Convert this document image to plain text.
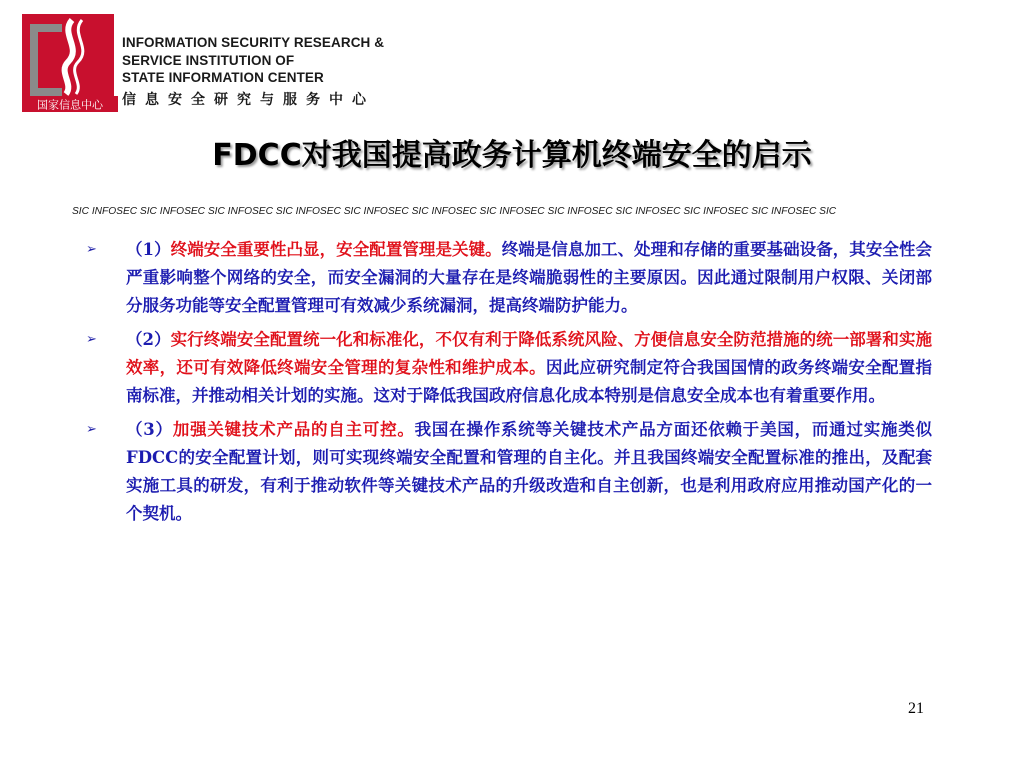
国家信息中心
INFORMATION SECURITY RESEARCH &
SERVICE INSTITUTION OF
STATE INFORMATION CENTER
信息安全研究与服务中心
FDCC对我国提高政务计算机终端安全的启示
SIC INFOSEC SIC INFOSEC SIC INFOSEC SIC INFOSEC SIC INFOSEC SIC INFOSEC SIC INFOSEC SIC INFOSEC SIC INFOSEC SIC INFOSEC SIC INFOSEC SIC
➢	（1）终端安全重要性凸显，安全配置管理是关键。终端是信息加工、处理和存储的重要基础设备，其安全性会严重影响整个网络的安全，而安全漏洞的大量存在是终端脆弱性的主要原因。因此通过限制用户权限、关闭部分服务功能等安全配置管理可有效减少系统漏洞，提高终端防护能力。
➢	（2）实行终端安全配置统一化和标准化，不仅有利于降低系统风险、方便信息安全防范措施的统一部署和实施效率，还可有效降低终端安全管理的复杂性和维护成本。因此应研究制定符合我国国情的政务终端安全配置指南标准，并推动相关计划的实施。这对于降低我国政府信息化成本特别是信息安全成本也有着重要作用。
➢	（3）加强关键技术产品的自主可控。我国在操作系统等关键技术产品方面还依赖于美国，而通过实施类似FDCC的安全配置计划，则可实现终端安全配置和管理的自主化。并且我国终端安全配置标准的推出，及配套实施工具的研发，有利于推动软件等关键技术产品的升级改造和自主创新，也是利用政府应用推动国产化的一个契机。
21
